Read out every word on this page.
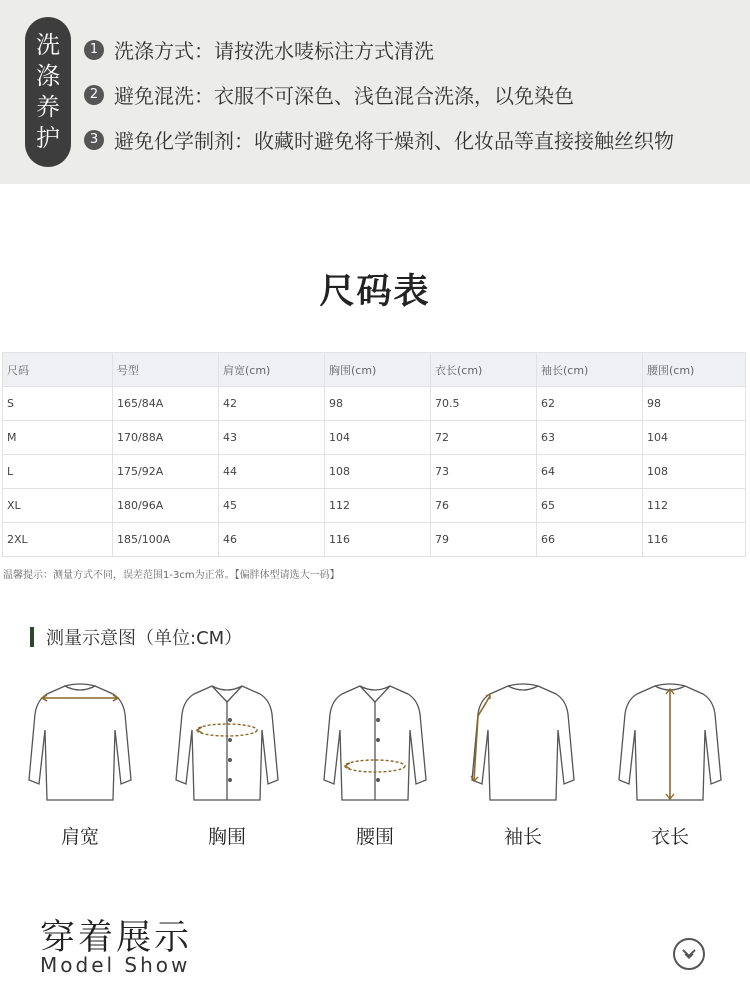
洗
涤
养
护
1 洗涤方式：请按洗水唛标注方式清洗
2 避免混洗：衣服不可深色、浅色混合洗涤，以免染色
3 避免化学制剂：收藏时避免将干燥剂、化妆品等直接接触丝织物
尺码表
尺码	号型	肩宽(cm)	胸围(cm)	衣长(cm)	袖长(cm)	腰围(cm)
S	165/84A	42	98	70.5	62	98
M	170/88A	43	104	72	63	104
L	175/92A	44	108	73	64	108
XL	180/96A	45	112	76	65	112
2XL	185/100A	46	116	79	66	116
温馨提示：测量方式不同，误差范围1-3cm为正常。【偏胖体型请选大一码】
测量示意图（单位:CM）
肩宽	胸围	腰围	袖长	衣长
穿着展示
Model Show
